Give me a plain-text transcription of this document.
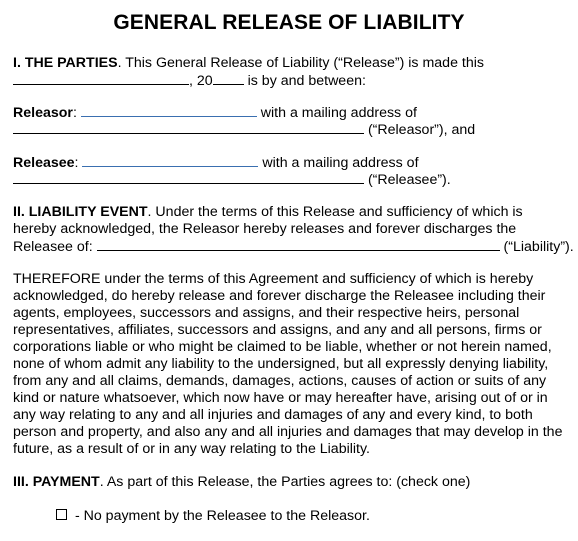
GENERAL RELEASE OF LIABILITY
I. THE PARTIES. This General Release of Liability (“Release”) is made this
, 20 is by and between:
Releasor:	with a mailing address of
(“Releasor”), and
Releasee:	with a mailing address of
(“Releasee”).
II. LIABILITY EVENT. Under the terms of this Release and sufficiency of which is
hereby acknowledged, the Releasor hereby releases and forever discharges the
Releasee of:	(“Liability”).
THEREFORE under the terms of this Agreement and sufficiency of which is hereby
acknowledged, do hereby release and forever discharge the Releasee including their
agents, employees, successors and assigns, and their respective heirs, personal
representatives, affiliates, successors and assigns, and any and all persons, firms or
corporations liable or who might be claimed to be liable, whether or not herein named,
none of whom admit any liability to the undersigned, but all expressly denying liability,
from any and all claims, demands, damages, actions, causes of action or suits of any
kind or nature whatsoever, which now have or may hereafter have, arising out of or in
any way relating to any and all injuries and damages of any and every kind, to both
person and property, and also any and all injuries and damages that may develop in the
future, as a result of or in any way relating to the Liability.
III. PAYMENT. As part of this Release, the Parties agrees to: (check one)
- No payment by the Releasee to the Releasor.
